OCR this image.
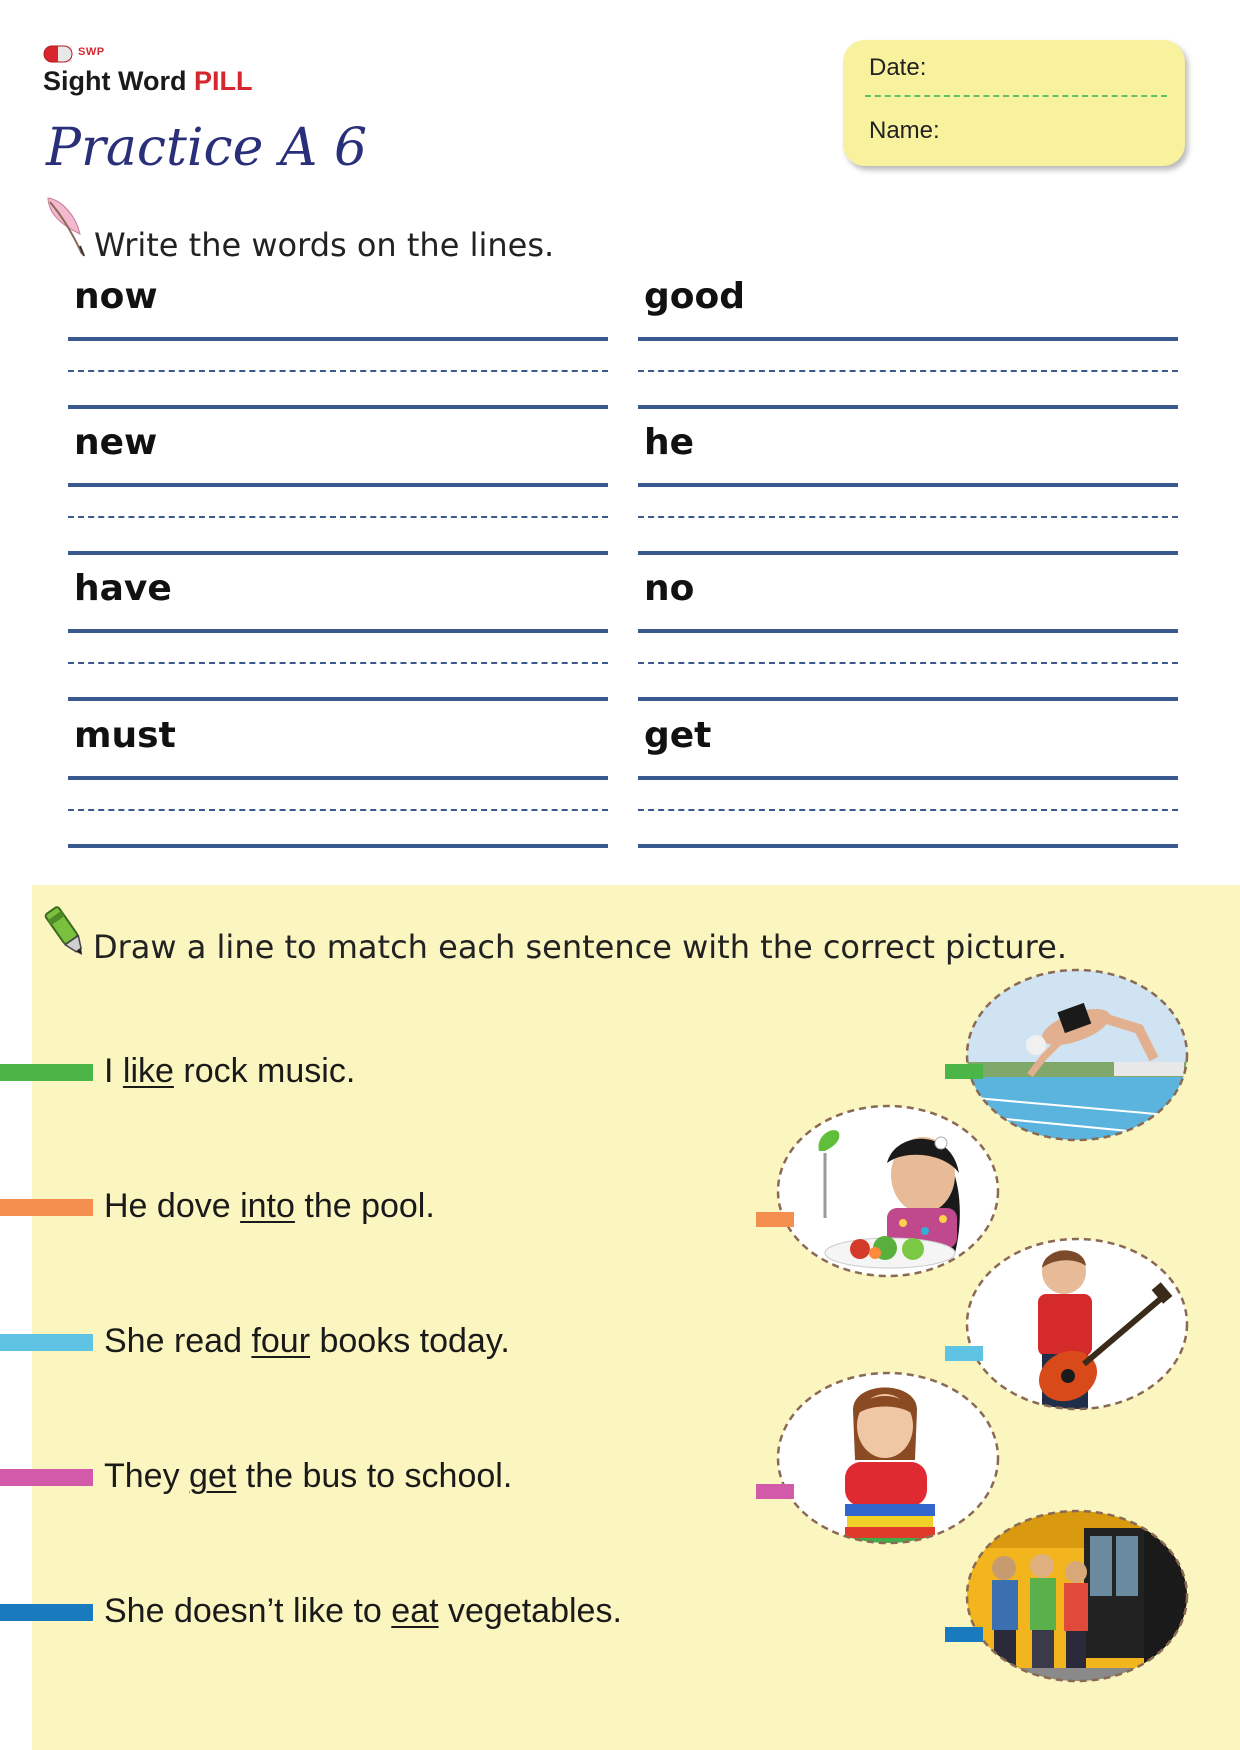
SWP
Sight Word PILL
Practice A 6
Date:
Name:
Write the words on the lines.
now	good
new	he
have	no
must	get
Draw a line to match each sentence with the correct picture.
I like rock music.
He dove into the pool.
She read four books today.
They get the bus to school.
She doesn’t like to eat vegetables.
